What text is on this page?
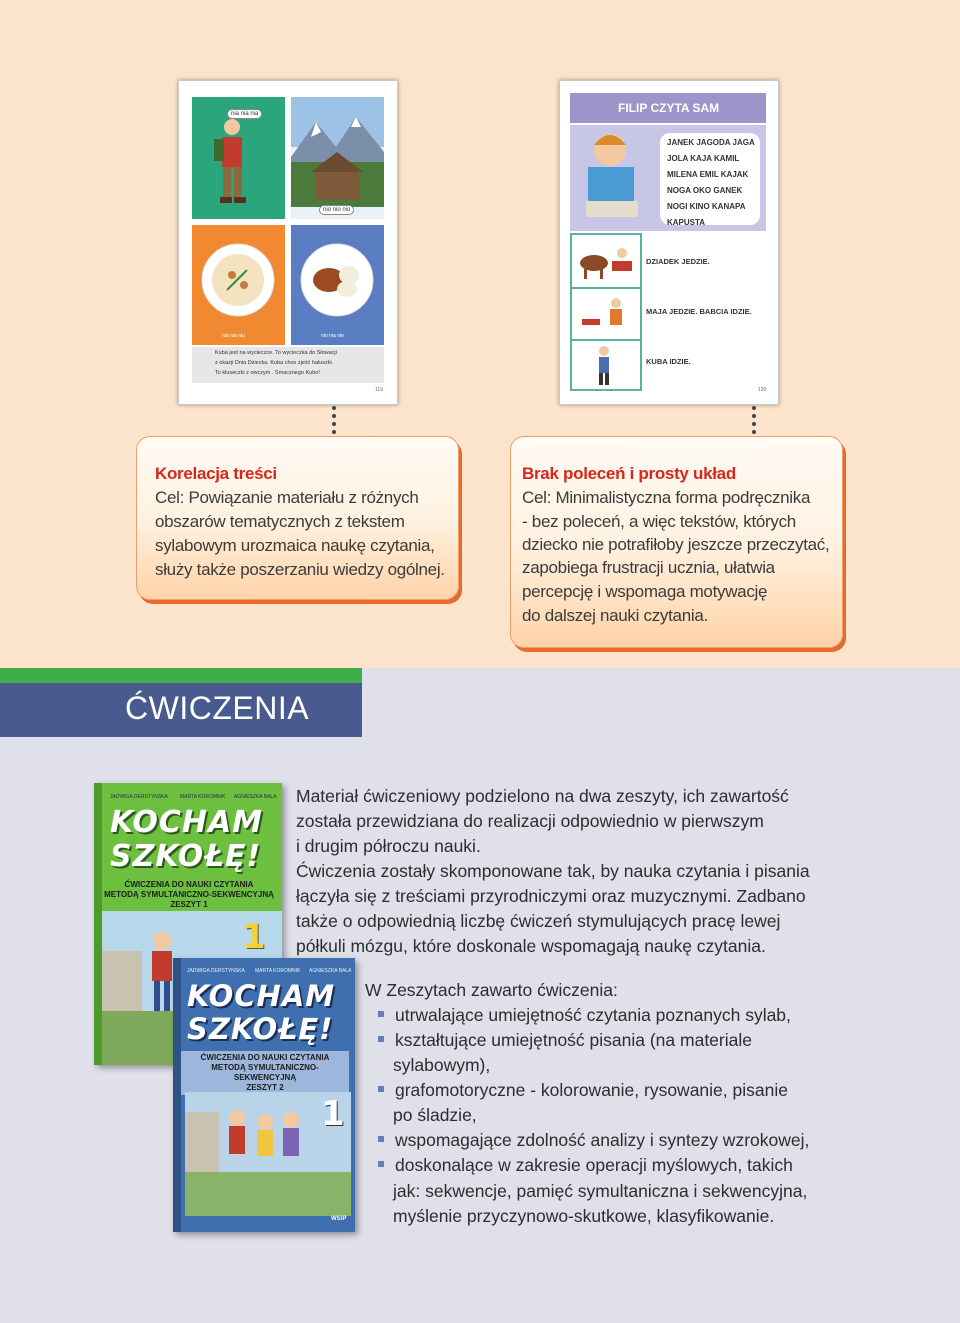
nia nia nia
nio nio nio
nia nia niu	nio nia nie
Kuba jest na wycieczce. To wycieczka do Słowacji
z okazji Dnia Dziecka. Kuba chce zjeść haluszki.
To kluseczki z owczym . Smacznego Kubo!
119
FILIP CZYTA SAM
JANEK JAGODA JAGA
JOLA KAJA KAMIL
MILENA EMIL KAJAK
NOGA OKO GANEK
NOGI KINO KANAPA
KAPUSTA
DZIADEK JEDZIE.
MAJA JEDZIE. BABCIA IDZIE.
KUBA IDZIE.
120
Korelacja treści
Cel: Powiązanie materiału z różnych
obszarów tematycznych z tekstem
sylabowym urozmaica naukę czytania,
służy także poszerzaniu wiedzy ogólnej.
Brak poleceń i prosty układ
Cel: Minimalistyczna forma podręcznika
- bez poleceń, a więc tekstów, których
dziecko nie potrafiłoby jeszcze przeczytać,
zapobiega frustracji ucznia, ułatwia
percepcję i wspomaga motywację
do dalszej nauki czytania.
ĆWICZENIA
JADWIGA DERSTYNSKA MARTA KOROMNIK AGNIESZKA BALA
KOCHAM
SZKOŁĘ!
ĆWICZENIA DO NAUKI CZYTANIA
METODĄ SYMULTANICZNO-SEKWENCYJNĄ
ZESZYT 1
1
JADWIGA DERSTYNSKA MARTA KOROMNIK AGNIESZKA BALA
KOCHAM
SZKOŁĘ!
ĆWICZENIA DO NAUKI CZYTANIA
METODĄ SYMULTANICZNO-SEKWENCYJNĄ
ZESZYT 2
1
WSiP
Materiał ćwiczeniowy podzielono na dwa zeszyty, ich zawartość
została przewidziana do realizacji odpowiednio w pierwszym
i drugim półroczu nauki.
Ćwiczenia zostały skomponowane tak, by nauka czytania i pisania
łączyła się z treściami przyrodniczymi oraz muzycznymi. Zadbano
także o odpowiednią liczbę ćwiczeń stymulujących pracę lewej
półkuli mózgu, które doskonale wspomagają naukę czytania.
W Zeszytach zawarto ćwiczenia:
utrwalające umiejętność czytania poznanych sylab,
kształtujące umiejętność pisania (na materiale
sylabowym),
grafomotoryczne - kolorowanie, rysowanie, pisanie
po śladzie,
wspomagające zdolność analizy i syntezy wzrokowej,
doskonalące w zakresie operacji myślowych, takich
jak: sekwencje, pamięć symultaniczna i sekwencyjna,
myślenie przyczynowo-skutkowe, klasyfikowanie.
